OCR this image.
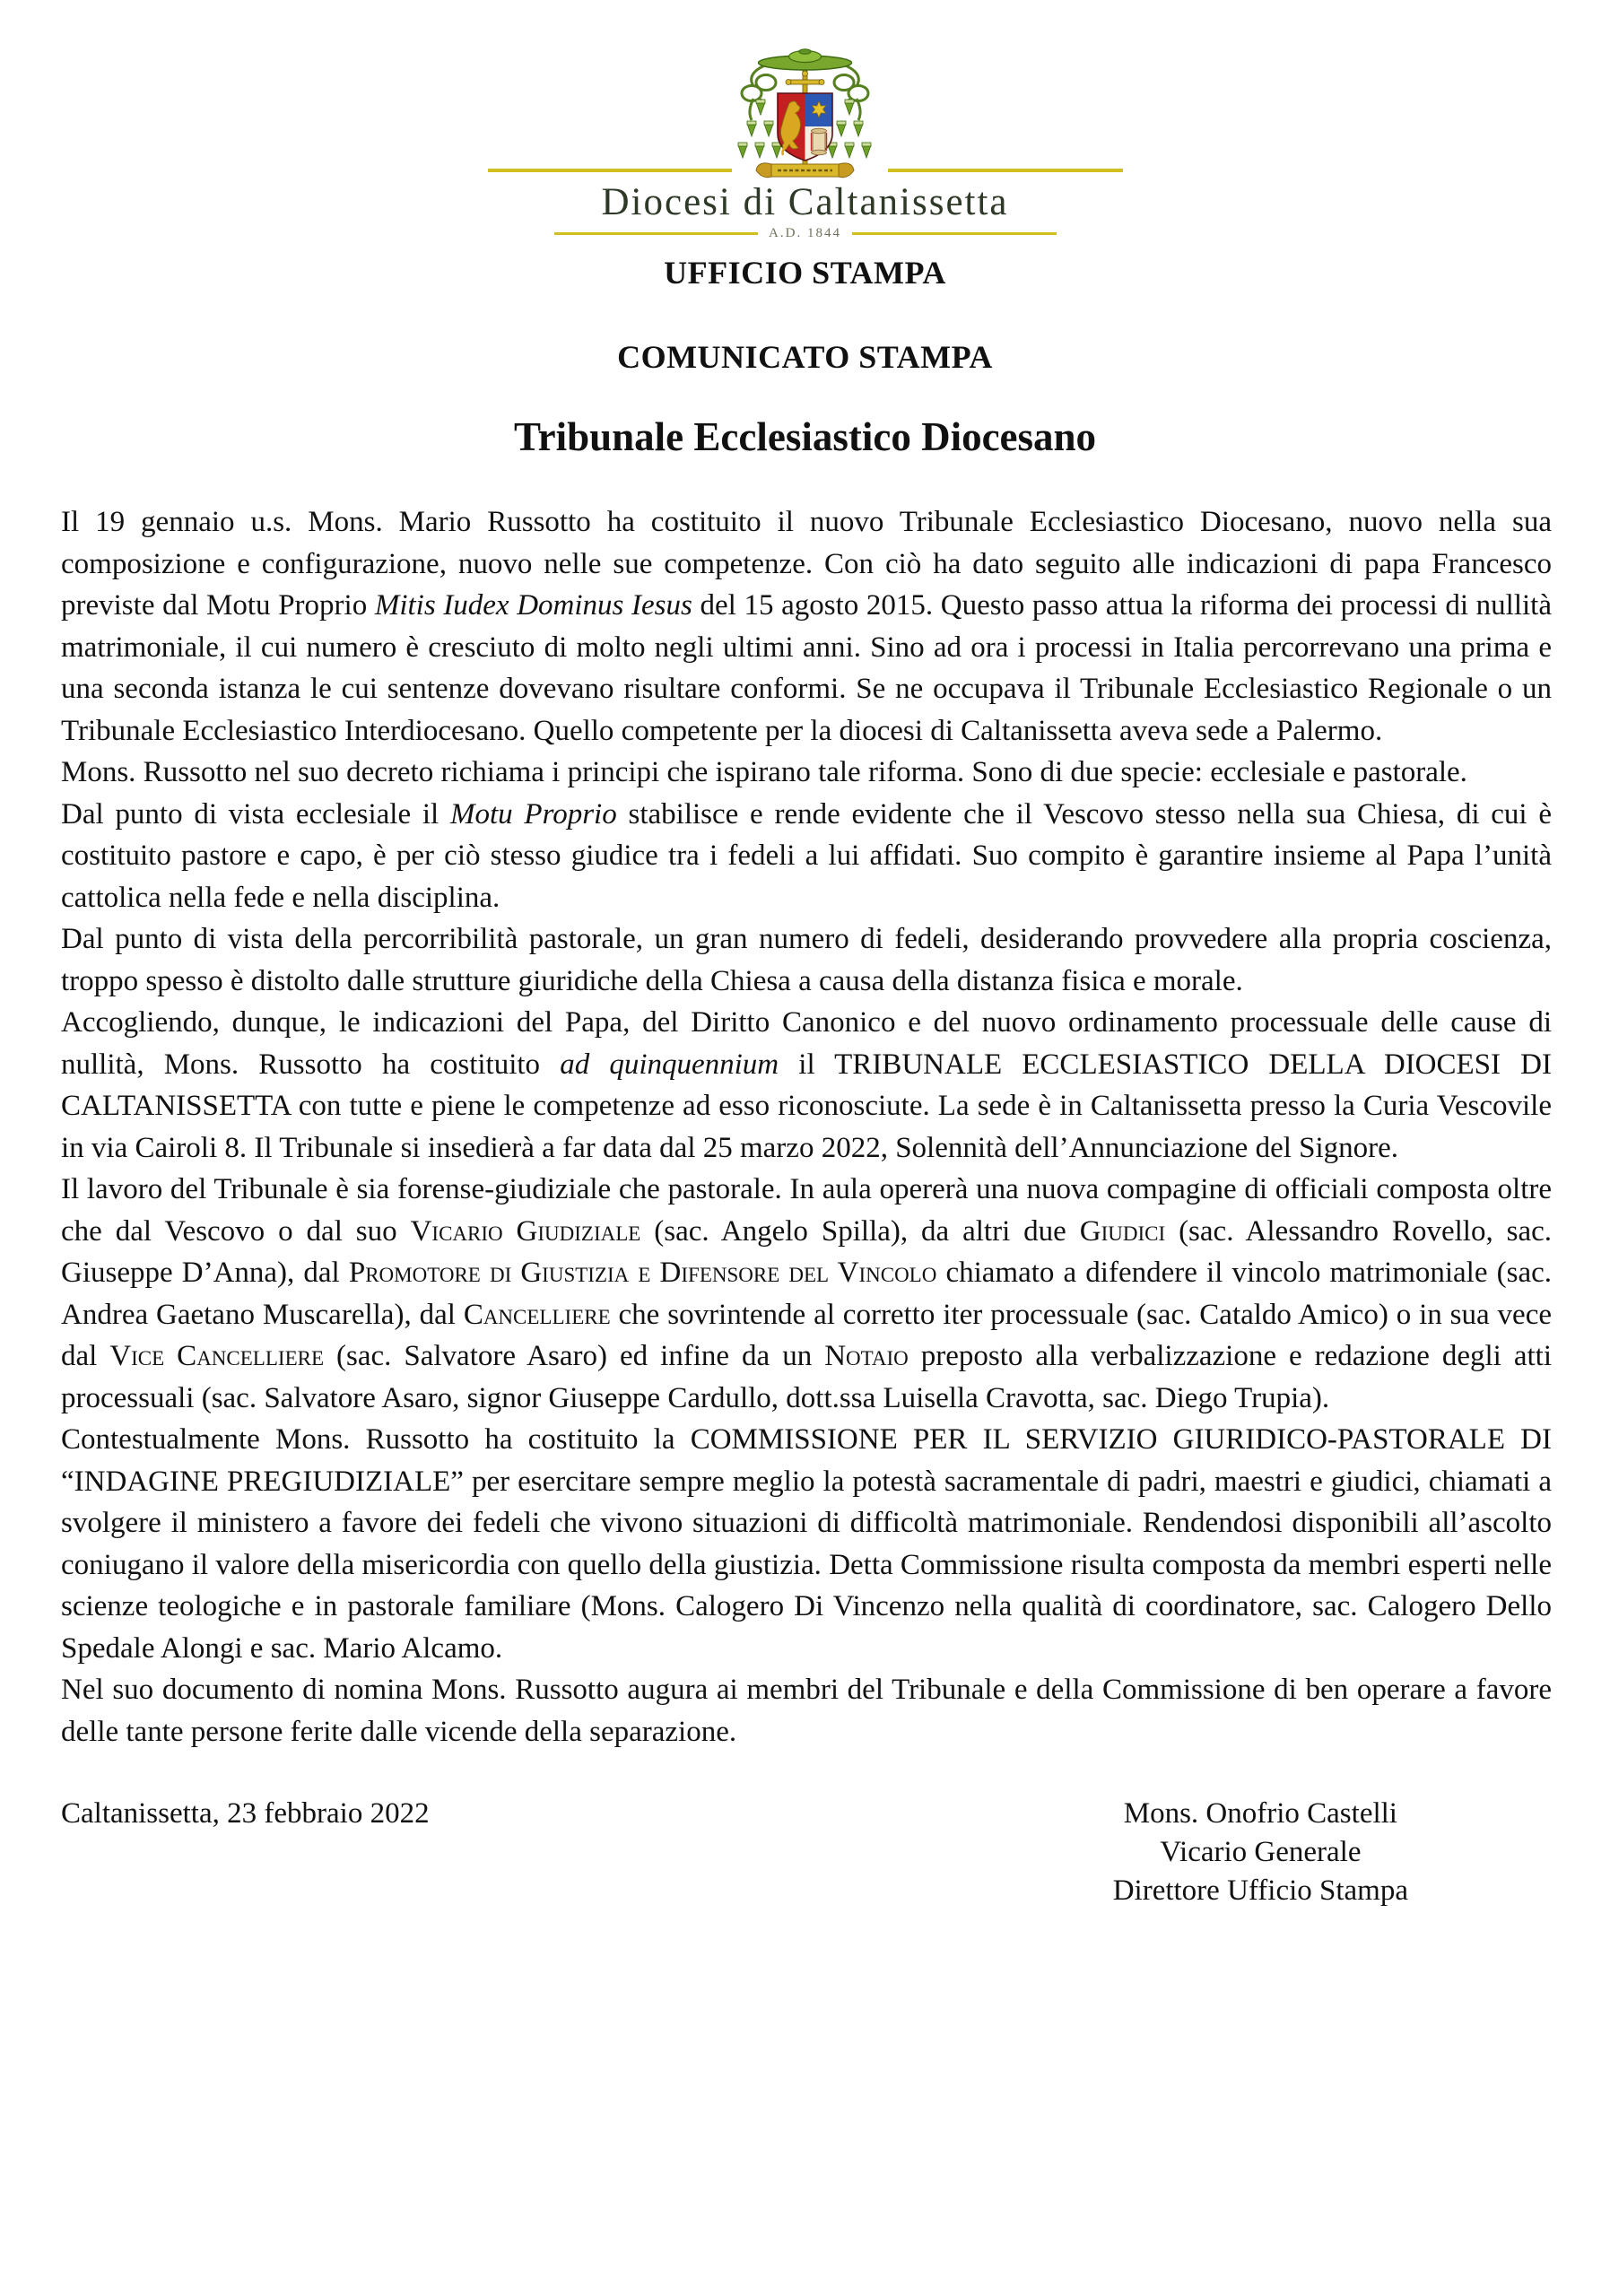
Diocesi di Caltanissetta
A.D. 1844
UFFICIO STAMPA
COMUNICATO STAMPA
Tribunale Ecclesiastico Diocesano

Il 19 gennaio u.s. Mons. Mario Russotto ha costituito il nuovo Tribunale Ecclesiastico Diocesano, nuovo nella sua composizione e configurazione, nuovo nelle sue competenze. Con ciò ha dato seguito alle indicazioni di papa Francesco previste dal Motu Proprio Mitis Iudex Dominus Iesus del 15 agosto 2015. Questo passo attua la riforma dei processi di nullità matrimoniale, il cui numero è cresciuto di molto negli ultimi anni. Sino ad ora i processi in Italia percorrevano una prima e una seconda istanza le cui sentenze dovevano risultare conformi. Se ne occupava il Tribunale Ecclesiastico Regionale o un Tribunale Ecclesiastico Interdiocesano. Quello competente per la diocesi di Caltanissetta aveva sede a Palermo.

Mons. Russotto nel suo decreto richiama i principi che ispirano tale riforma. Sono di due specie: ecclesiale e pastorale.

Dal punto di vista ecclesiale il Motu Proprio stabilisce e rende evidente che il Vescovo stesso nella sua Chiesa, di cui è costituito pastore e capo, è per ciò stesso giudice tra i fedeli a lui affidati. Suo compito è garantire insieme al Papa l’unità cattolica nella fede e nella disciplina.

Dal punto di vista della percorribilità pastorale, un gran numero di fedeli, desiderando provvedere alla propria coscienza, troppo spesso è distolto dalle strutture giuridiche della Chiesa a causa della distanza fisica e morale.

Accogliendo, dunque, le indicazioni del Papa, del Diritto Canonico e del nuovo ordinamento processuale delle cause di nullità, Mons. Russotto ha costituito ad quinquennium il TRIBUNALE ECCLESIASTICO DELLA DIOCESI DI CALTANISSETTA con tutte e piene le competenze ad esso riconosciute. La sede è in Caltanissetta presso la Curia Vescovile in via Cairoli 8. Il Tribunale si insedierà a far data dal 25 marzo 2022, Solennità dell’Annunciazione del Signore.

Il lavoro del Tribunale è sia forense-giudiziale che pastorale. In aula opererà una nuova compagine di officiali composta oltre che dal Vescovo o dal suo Vicario Giudiziale (sac. Angelo Spilla), da altri due Giudici (sac. Alessandro Rovello, sac. Giuseppe D’Anna), dal Promotore di Giustizia e Difensore del Vincolo chiamato a difendere il vincolo matrimoniale (sac. Andrea Gaetano Muscarella), dal Cancelliere che sovrintende al corretto iter processuale (sac. Cataldo Amico) o in sua vece dal Vice Cancelliere (sac. Salvatore Asaro) ed infine da un Notaio preposto alla verbalizzazione e redazione degli atti processuali (sac. Salvatore Asaro, signor Giuseppe Cardullo, dott.ssa Luisella Cravotta, sac. Diego Trupia).

Contestualmente Mons. Russotto ha costituito la COMMISSIONE PER IL SERVIZIO GIURIDICO-PASTORALE DI “INDAGINE PREGIUDIZIALE” per esercitare sempre meglio la potestà sacramentale di padri, maestri e giudici, chiamati a svolgere il ministero a favore dei fedeli che vivono situazioni di difficoltà matrimoniale. Rendendosi disponibili all’ascolto coniugano il valore della misericordia con quello della giustizia. Detta Commissione risulta composta da membri esperti nelle scienze teologiche e in pastorale familiare (Mons. Calogero Di Vincenzo nella qualità di coordinatore, sac. Calogero Dello Spedale Alongi e sac. Mario Alcamo.

Nel suo documento di nomina Mons. Russotto augura ai membri del Tribunale e della Commissione di ben operare a favore delle tante persone ferite dalle vicende della separazione.

Caltanissetta, 23 febbraio 2022	Mons. Onofrio Castelli
Vicario Generale
Direttore Ufficio Stampa
